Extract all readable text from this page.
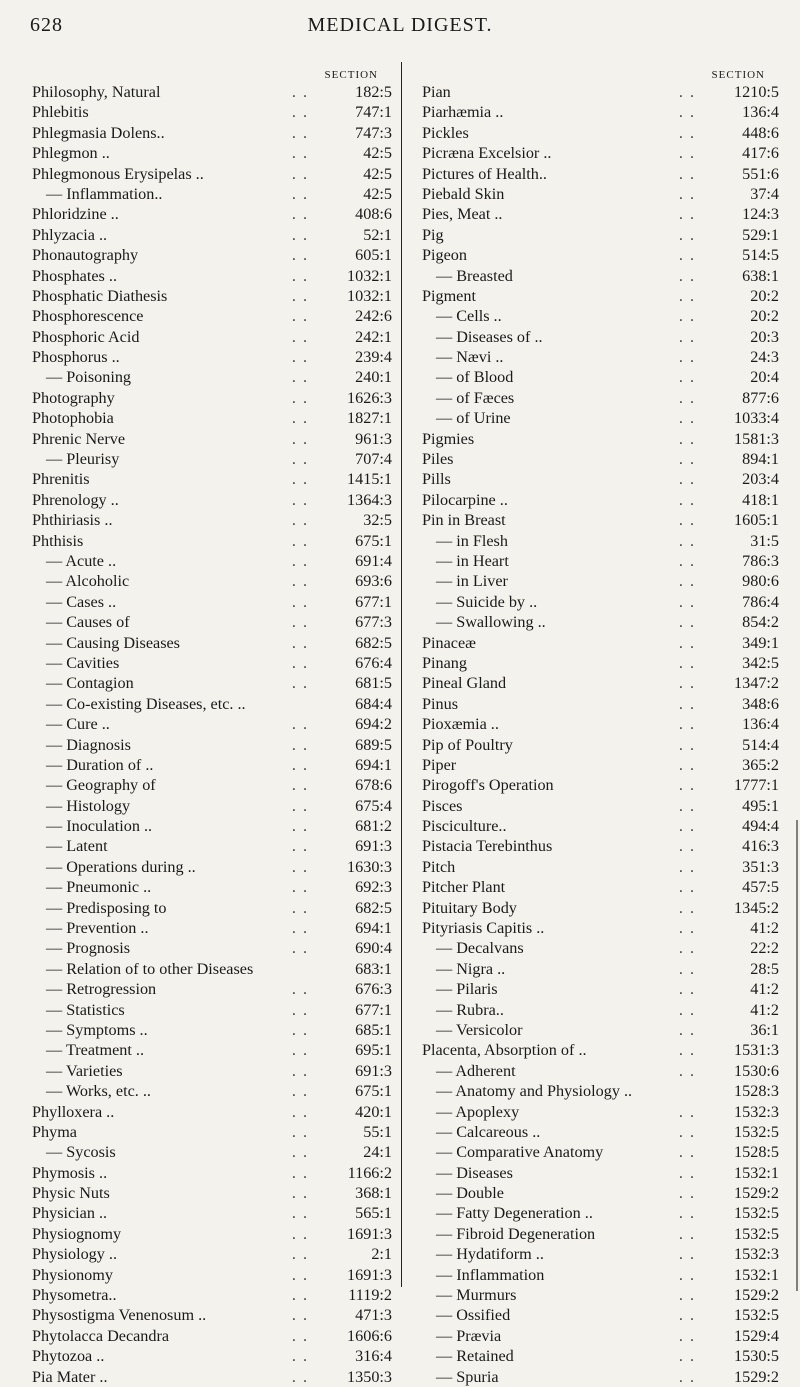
628	MEDICAL DIGEST.
SECTION
Philosophy, Natural	..	182:5
Phlebitis	..	747:1
Phlegmasia Dolens..	..	747:3
Phlegmon ..	..	42:5
Phlegmonous Erysipelas ..	..	42:5
— Inflammation..	..	42:5
Phloridzine ..	..	408:6
Phlyzacia ..	..	52:1
Phonautography	..	605:1
Phosphates ..	..	1032:1
Phosphatic Diathesis	..	1032:1
Phosphorescence	..	242:6
Phosphoric Acid	..	242:1
Phosphorus ..	..	239:4
— Poisoning	..	240:1
Photography	..	1626:3
Photophobia	..	1827:1
Phrenic Nerve	..	961:3
— Pleurisy	..	707:4
Phrenitis	..	1415:1
Phrenology ..	..	1364:3
Phthiriasis ..	..	32:5
Phthisis	..	675:1
— Acute ..	..	691:4
— Alcoholic	..	693:6
— Cases ..	..	677:1
— Causes of	..	677:3
— Causing Diseases	..	682:5
— Cavities	..	676:4
— Contagion	..	681:5
— Co-existing Diseases, etc. ..	684:4
— Cure ..	..	694:2
— Diagnosis	..	689:5
— Duration of ..	..	694:1
— Geography of	..	678:6
— Histology	..	675:4
— Inoculation ..	..	681:2
— Latent	..	691:3
— Operations during ..	..	1630:3
— Pneumonic ..	..	692:3
— Predisposing to	..	682:5
— Prevention ..	..	694:1
— Prognosis	..	690:4
— Relation of to other Diseases	683:1
— Retrogression	..	676:3
— Statistics	..	677:1
— Symptoms ..	..	685:1
— Treatment ..	..	695:1
— Varieties	..	691:3
— Works, etc. ..	..	675:1
Phylloxera ..	..	420:1
Phyma	..	55:1
— Sycosis	..	24:1
Phymosis ..	..	1166:2
Physic Nuts	..	368:1
Physician ..	..	565:1
Physiognomy	..	1691:3
Physiology ..	..	2:1
Physionomy	..	1691:3
Physometra..	..	1119:2
Physostigma Venenosum ..	..	471:3
Phytolacca Decandra	..	1606:6
Phytozoa ..	..	316:4
Pia Mater ..	..	1350:3
SECTION
Pian	..	1210:5
Piarhæmia ..	..	136:4
Pickles	..	448:6
Picræna Excelsior ..	..	417:6
Pictures of Health..	..	551:6
Piebald Skin	..	37:4
Pies, Meat ..	..	124:3
Pig	..	529:1
Pigeon	..	514:5
— Breasted	..	638:1
Pigment	..	20:2
— Cells ..	..	20:2
— Diseases of ..	..	20:3
— Nævi ..	..	24:3
— of Blood	..	20:4
— of Fæces	..	877:6
— of Urine	..	1033:4
Pigmies	..	1581:3
Piles	..	894:1
Pills	..	203:4
Pilocarpine ..	..	418:1
Pin in Breast	..	1605:1
— in Flesh	..	31:5
— in Heart	..	786:3
— in Liver	..	980:6
— Suicide by ..	..	786:4
— Swallowing ..	..	854:2
Pinaceæ	..	349:1
Pinang	..	342:5
Pineal Gland	..	1347:2
Pinus	..	348:6
Pioxæmia ..	..	136:4
Pip of Poultry	..	514:4
Piper	..	365:2
Pirogoff's Operation	..	1777:1
Pisces	..	495:1
Pisciculture..	..	494:4
Pistacia Terebinthus	..	416:3
Pitch	..	351:3
Pitcher Plant	..	457:5
Pituitary Body	..	1345:2
Pityriasis Capitis ..	..	41:2
— Decalvans	..	22:2
— Nigra ..	..	28:5
— Pilaris	..	41:2
— Rubra..	..	41:2
— Versicolor	..	36:1
Placenta, Absorption of ..	..	1531:3
— Adherent	..	1530:6
— Anatomy and Physiology ..	1528:3
— Apoplexy	..	1532:3
— Calcareous ..	..	1532:5
— Comparative Anatomy	..	1528:5
— Diseases	..	1532:1
— Double	..	1529:2
— Fatty Degeneration ..	..	1532:5
— Fibroid Degeneration	..	1532:5
— Hydatiform ..	..	1532:3
— Inflammation	..	1532:1
— Murmurs	..	1529:2
— Ossified	..	1532:5
— Prævia	..	1529:4
— Retained	..	1530:5
— Spuria	..	1529:2
